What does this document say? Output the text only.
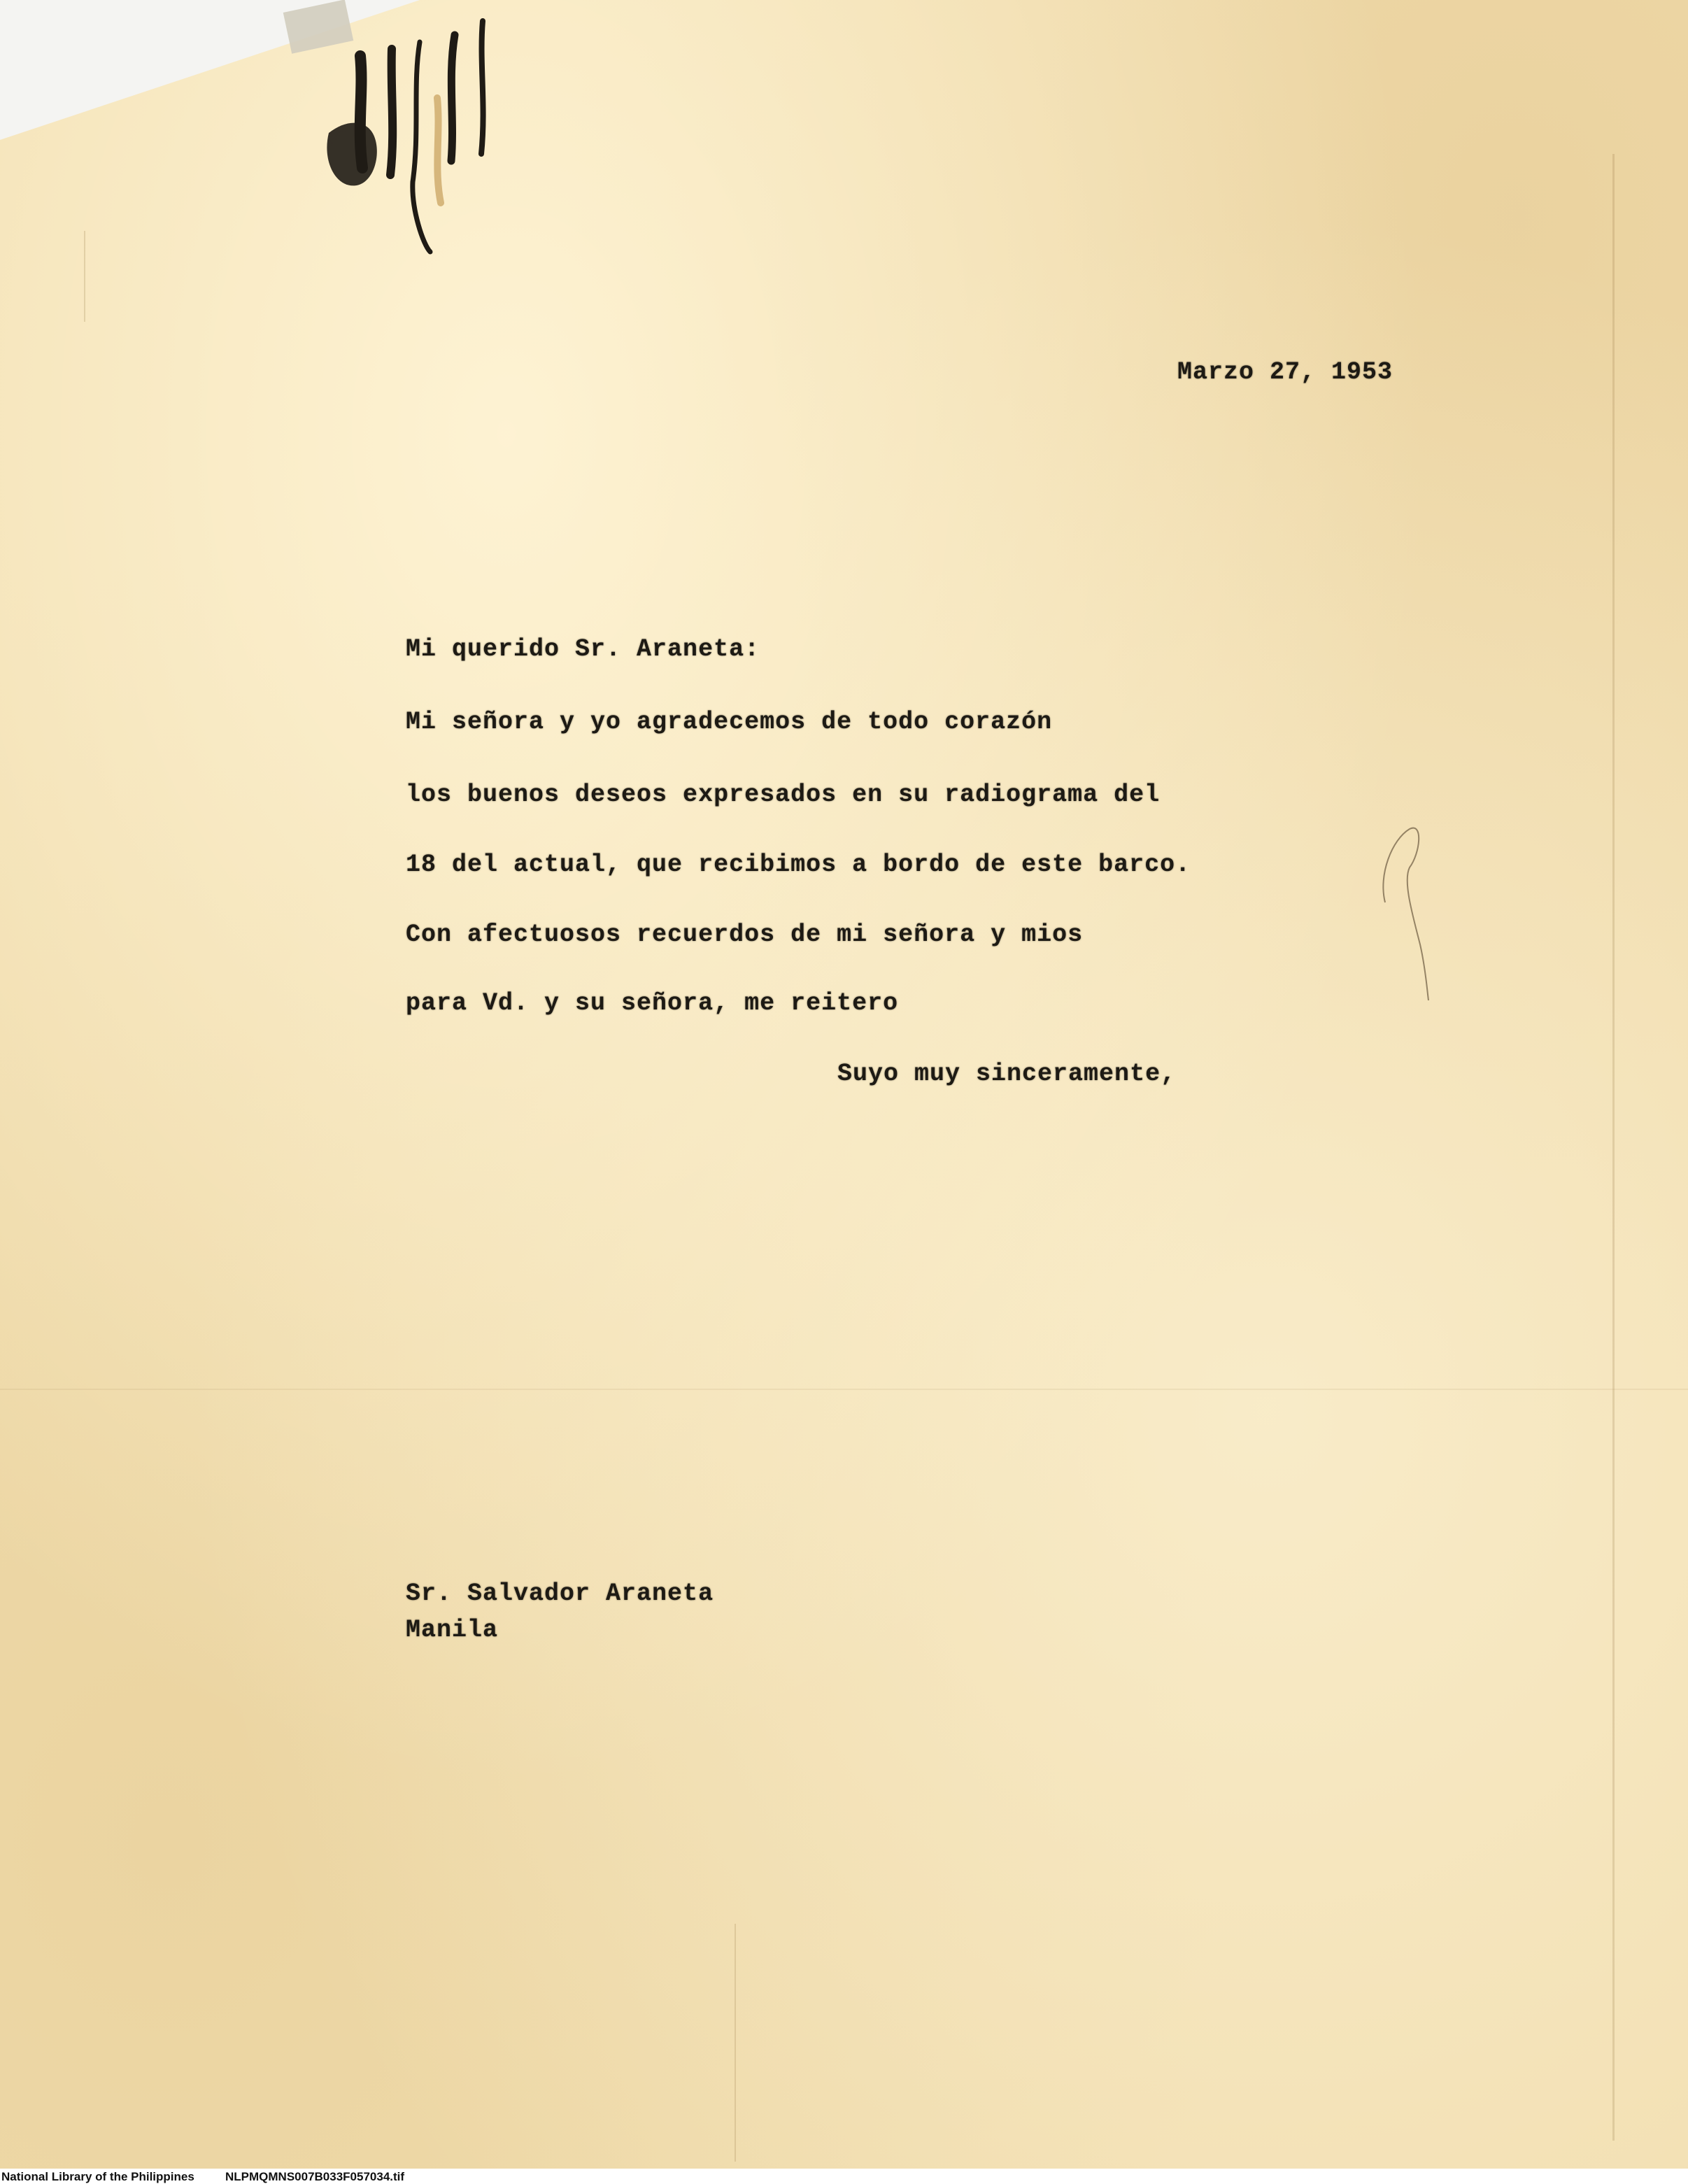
Marzo 27, 1953
Mi querido Sr. Araneta:
Mi señora y yo agradecemos de todo corazón
los buenos deseos expresados en su radiograma del
18 del actual, que recibimos a bordo de este barco.
Con afectuosos recuerdos de mi señora y mios
para Vd. y su señora, me reitero
Suyo muy sinceramente,
Sr. Salvador Araneta
Manila
National Library of the Philippines	NLPMQMNS007B033F057034.tif
